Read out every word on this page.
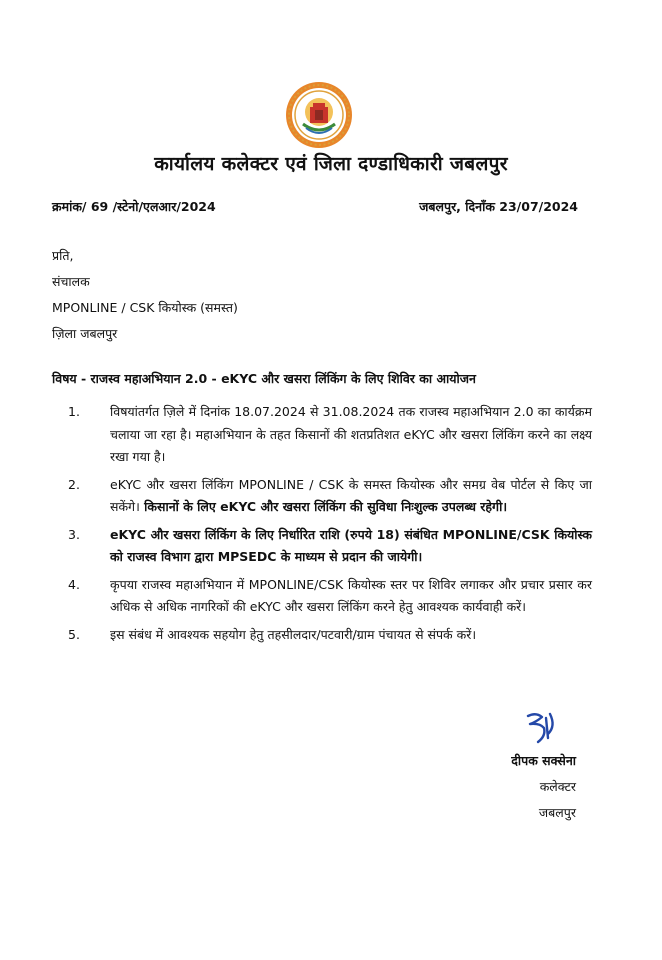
कार्यालय कलेक्टर एवं जिला दण्डाधिकारी जबलपुर
क्रमांक/ 69 /स्टेनो/एलआर/2024	जबलपुर, दिनाँक 23/07/2024
प्रति,
संचालक
MPONLINE / CSK कियोस्क (समस्त)
ज़िला जबलपुर
विषय - राजस्व महाअभियान 2.0 - eKYC और खसरा लिंकिंग के लिए शिविर का आयोजन
1.	विषयांतर्गत ज़िले में दिनांक 18.07.2024 से 31.08.2024 तक राजस्व महाअभियान 2.0 का कार्यक्रम चलाया जा रहा है। महाअभियान के तहत किसानों की शतप्रतिशत eKYC और खसरा लिंकिंग करने का लक्ष्य रखा गया है।
2.	eKYC और खसरा लिंकिंग MPONLINE / CSK के समस्त कियोस्क और समग्र वेब पोर्टल से किए जा सकेंगे। किसानों के लिए eKYC और खसरा लिंकिंग की सुविधा निःशुल्क उपलब्ध रहेगी।
3.	eKYC और खसरा लिंकिंग के लिए निर्धारित राशि (रुपये 18) संबंधित MPONLINE/CSK कियोस्क को राजस्व विभाग द्वारा MPSEDC के माध्यम से प्रदान की जायेगी।
4.	कृपया राजस्व महाअभियान में MPONLINE/CSK कियोस्क स्तर पर शिविर लगाकर और प्रचार प्रसार कर अधिक से अधिक नागरिकों की eKYC और खसरा लिंकिंग करने हेतु आवश्यक कार्यवाही करें।
5.	इस संबंध में आवश्यक सहयोग हेतु तहसीलदार/पटवारी/ग्राम पंचायत से संपर्क करें।
दीपक सक्सेना
कलेक्टर
जबलपुर
